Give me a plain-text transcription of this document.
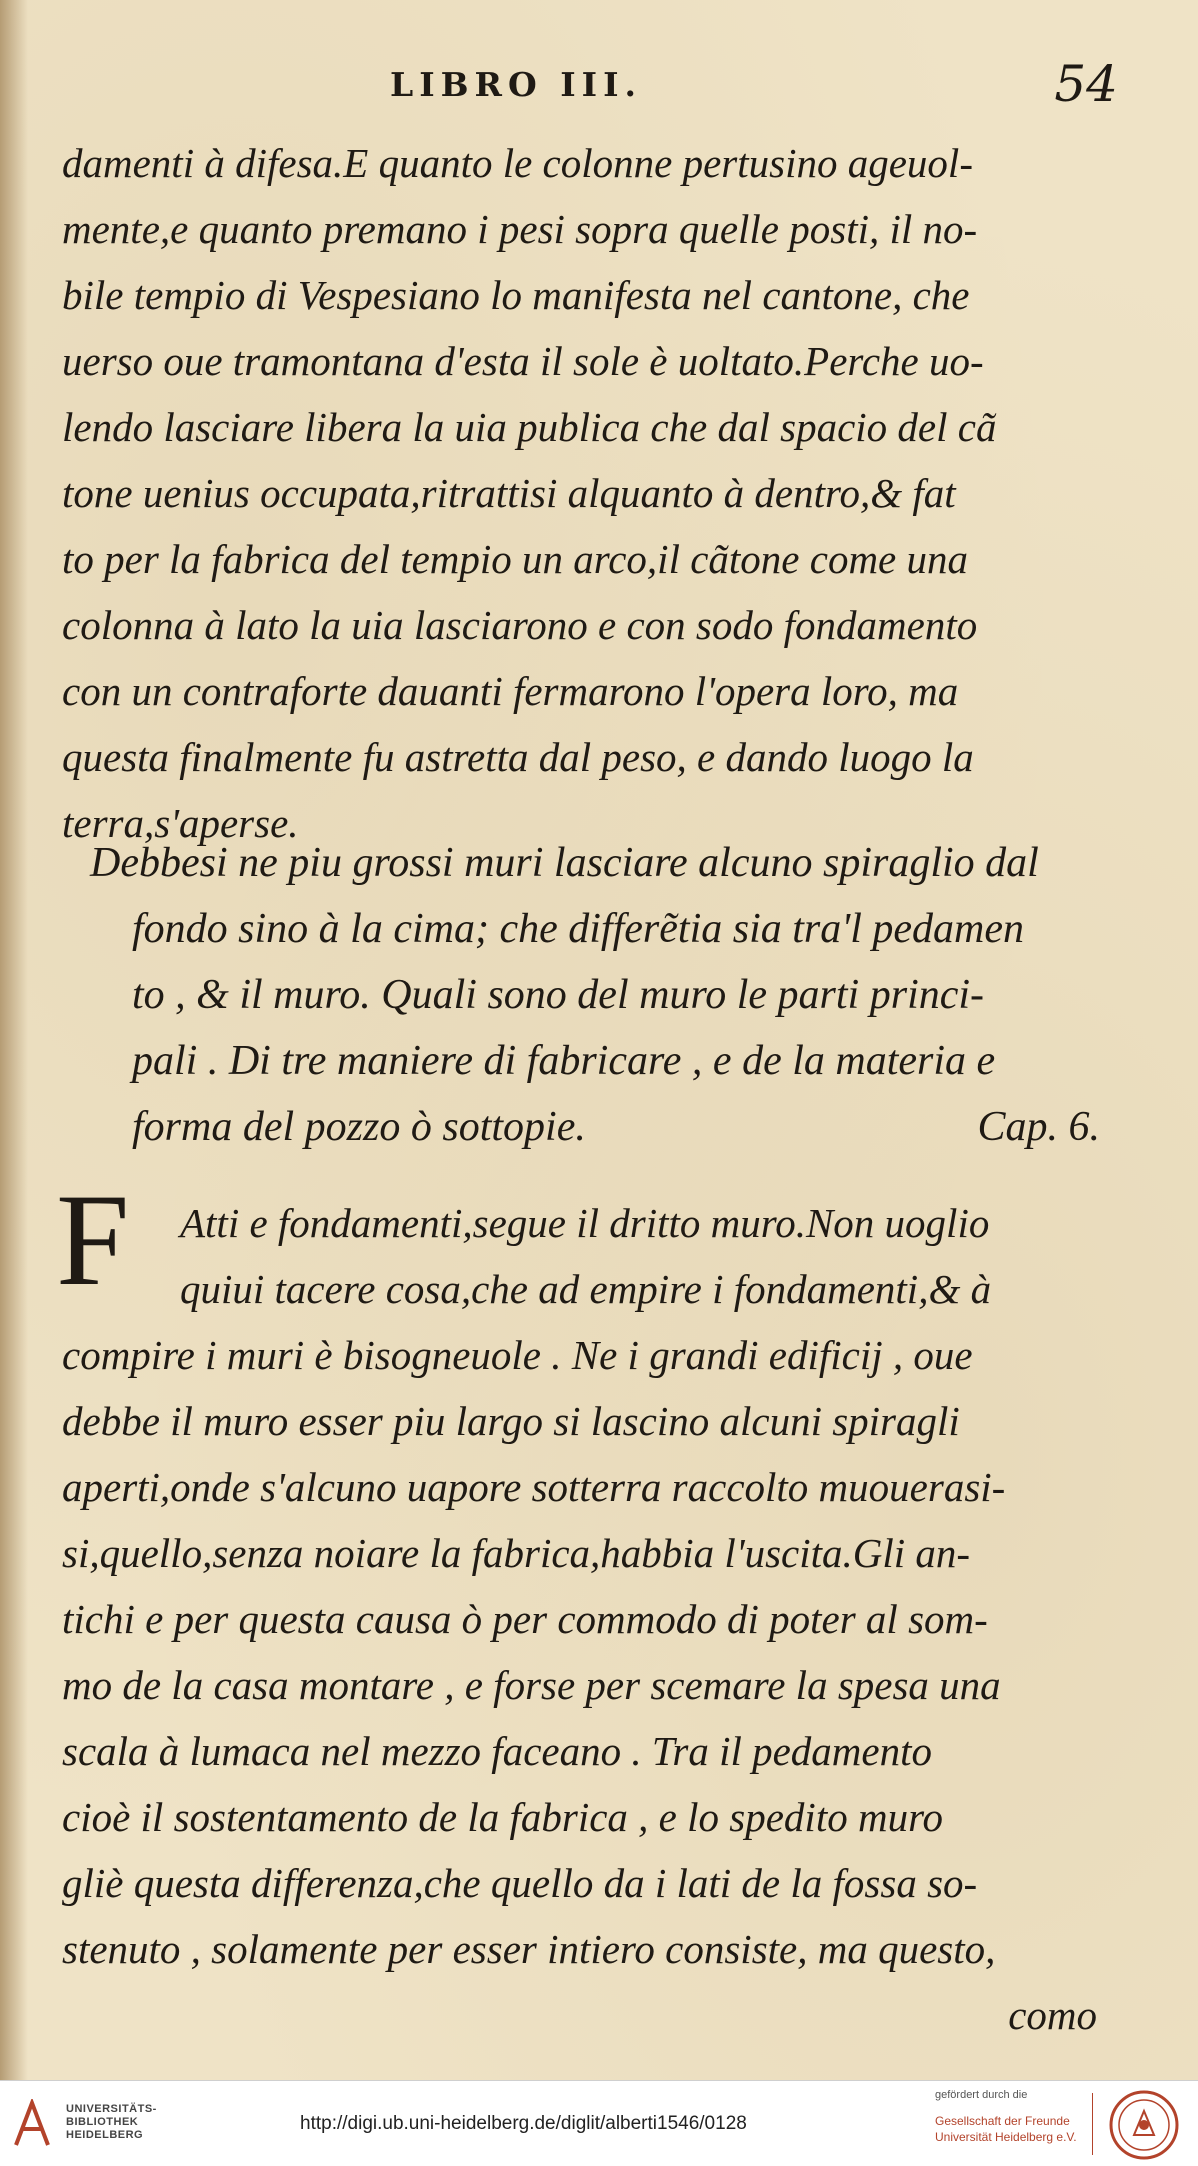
LIBRO III.	54
damenti à difesa.E quanto le colonne pertusino ageuol-
mente,e quanto premano i pesi sopra quelle posti, il no-
bile tempio di Vespesiano lo manifesta nel cantone, che
uerso oue tramontana d'esta il sole è uoltato.Perche uo-
lendo lasciare libera la uia publica che dal spacio del cã
tone uenius occupata,ritrattisi alquanto à dentro,& fat
to per la fabrica del tempio un arco,il cãtone come una
colonna à lato la uia lasciarono e con sodo fondamento
con un contraforte dauanti fermarono l'opera loro, ma
questa finalmente fu astretta dal peso, e dando luogo la
terra,s'aperse.
Debbesi ne piu grossi muri lasciare alcuno spiraglio dal
fondo sino à la cima; che differẽtia sia tra'l pedamen
to , & il muro. Quali sono del muro le parti princi-
pali . Di tre maniere di fabricare , e de la materia e
forma del pozzo ò sottopie.	Cap. 6.
F	Atti e fondamenti,segue il dritto muro.Non uoglio
quiui tacere cosa,che ad empire i fondamenti,& à
compire i muri è bisogneuole . Ne i grandi edificij , oue
debbe il muro esser piu largo si lascino alcuni spiragli
aperti,onde s'alcuno uapore sotterra raccolto muouerasi-
si,quello,senza noiare la fabrica,habbia l'uscita.Gli an-
tichi e per questa causa ò per commodo di poter al som-
mo de la casa montare , e forse per scemare la spesa una
scala à lumaca nel mezzo faceano . Tra il pedamento
cioè il sostentamento de la fabrica , e lo spedito muro
gliè questa differenza,che quello da i lati de la fossa so-
stenuto , solamente per esser intiero consiste, ma questo,
como
UNIVERSITÄTS-
BIBLIOTHEK
HEIDELBERG
http://digi.ub.uni-heidelberg.de/diglit/alberti1546/0128
gefördert durch die
Gesellschaft der Freunde
Universität Heidelberg e.V.
